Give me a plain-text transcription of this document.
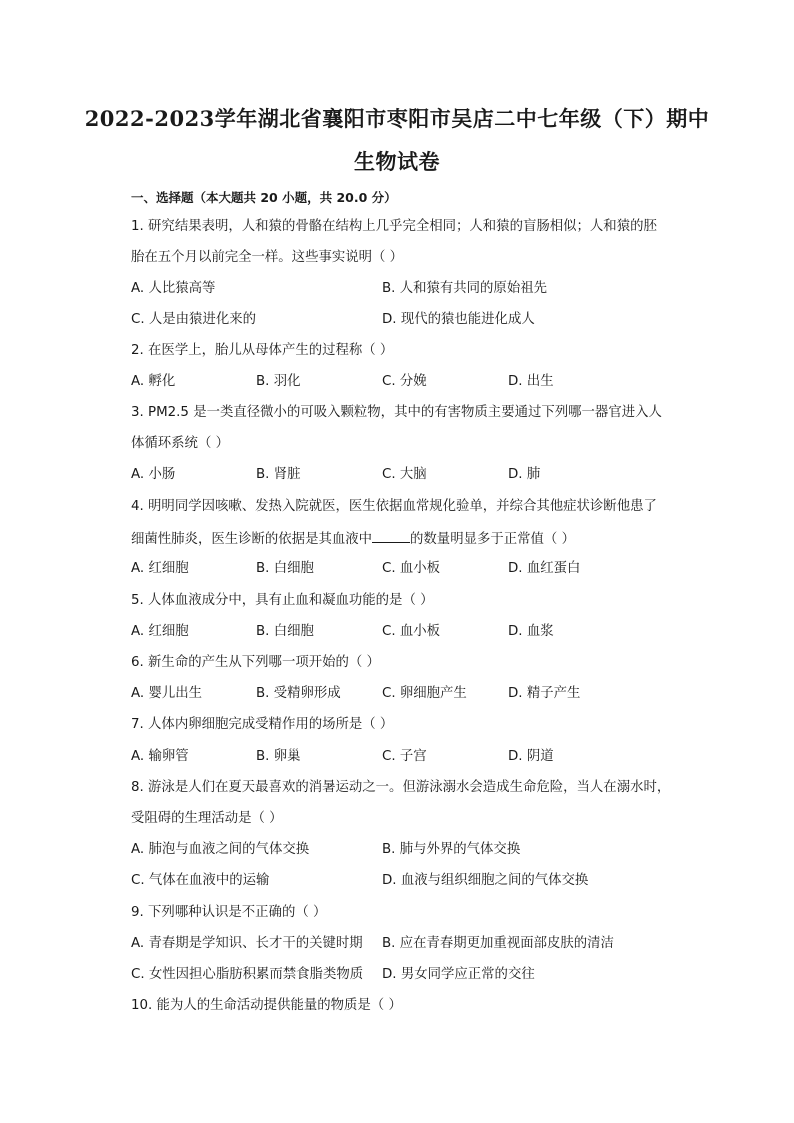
2022-2023学年湖北省襄阳市枣阳市吴店二中七年级（下）期中
生物试卷
一、选择题（本大题共 20 小题，共 20.0 分）
1. 研究结果表明，人和猿的骨骼在结构上几乎完全相同；人和猿的盲肠相似；人和猿的胚
胎在五个月以前完全一样。这些事实说明（ ）
A. 人比猿高等	B. 人和猿有共同的原始祖先
C. 人是由猿进化来的	D. 现代的猿也能进化成人
2. 在医学上，胎儿从母体产生的过程称（ ）
A. 孵化	B. 羽化	C. 分娩	D. 出生
3. PM2.5 是一类直径微小的可吸入颗粒物，其中的有害物质主要通过下列哪一器官进入人
体循环系统（ ）
A. 小肠	B. 肾脏	C. 大脑	D. 肺
4. 明明同学因咳嗽、发热入院就医，医生依据血常规化验单，并综合其他症状诊断他患了
细菌性肺炎，医生诊断的依据是其血液中	的数量明显多于正常值（ ）
A. 红细胞	B. 白细胞	C. 血小板	D. 血红蛋白
5. 人体血液成分中，具有止血和凝血功能的是（ ）
A. 红细胞	B. 白细胞	C. 血小板	D. 血浆
6. 新生命的产生从下列哪一项开始的（ ）
A. 婴儿出生	B. 受精卵形成	C. 卵细胞产生	D. 精子产生
7. 人体内卵细胞完成受精作用的场所是（ ）
A. 输卵管	B. 卵巢	C. 子宫	D. 阴道
8. 游泳是人们在夏天最喜欢的消暑运动之一。但游泳溺水会造成生命危险，当人在溺水时，
受阻碍的生理活动是（ ）
A. 肺泡与血液之间的气体交换	B. 肺与外界的气体交换
C. 气体在血液中的运输	D. 血液与组织细胞之间的气体交换
9. 下列哪种认识是不正确的（ ）
A. 青春期是学知识、长才干的关键时期 B. 应在青春期更加重视面部皮肤的清洁
C. 女性因担心脂肪积累而禁食脂类物质 D. 男女同学应正常的交往
10. 能为人的生命活动提供能量的物质是（ ）
